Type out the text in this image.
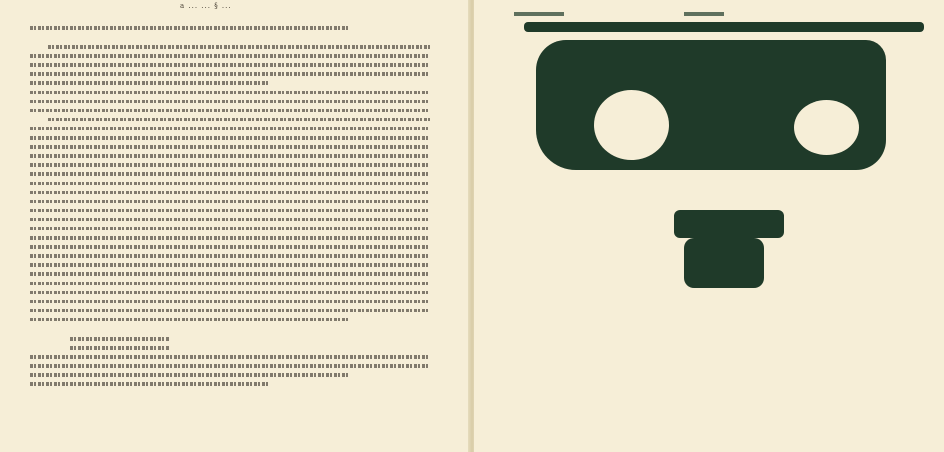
a ... ... § ...
